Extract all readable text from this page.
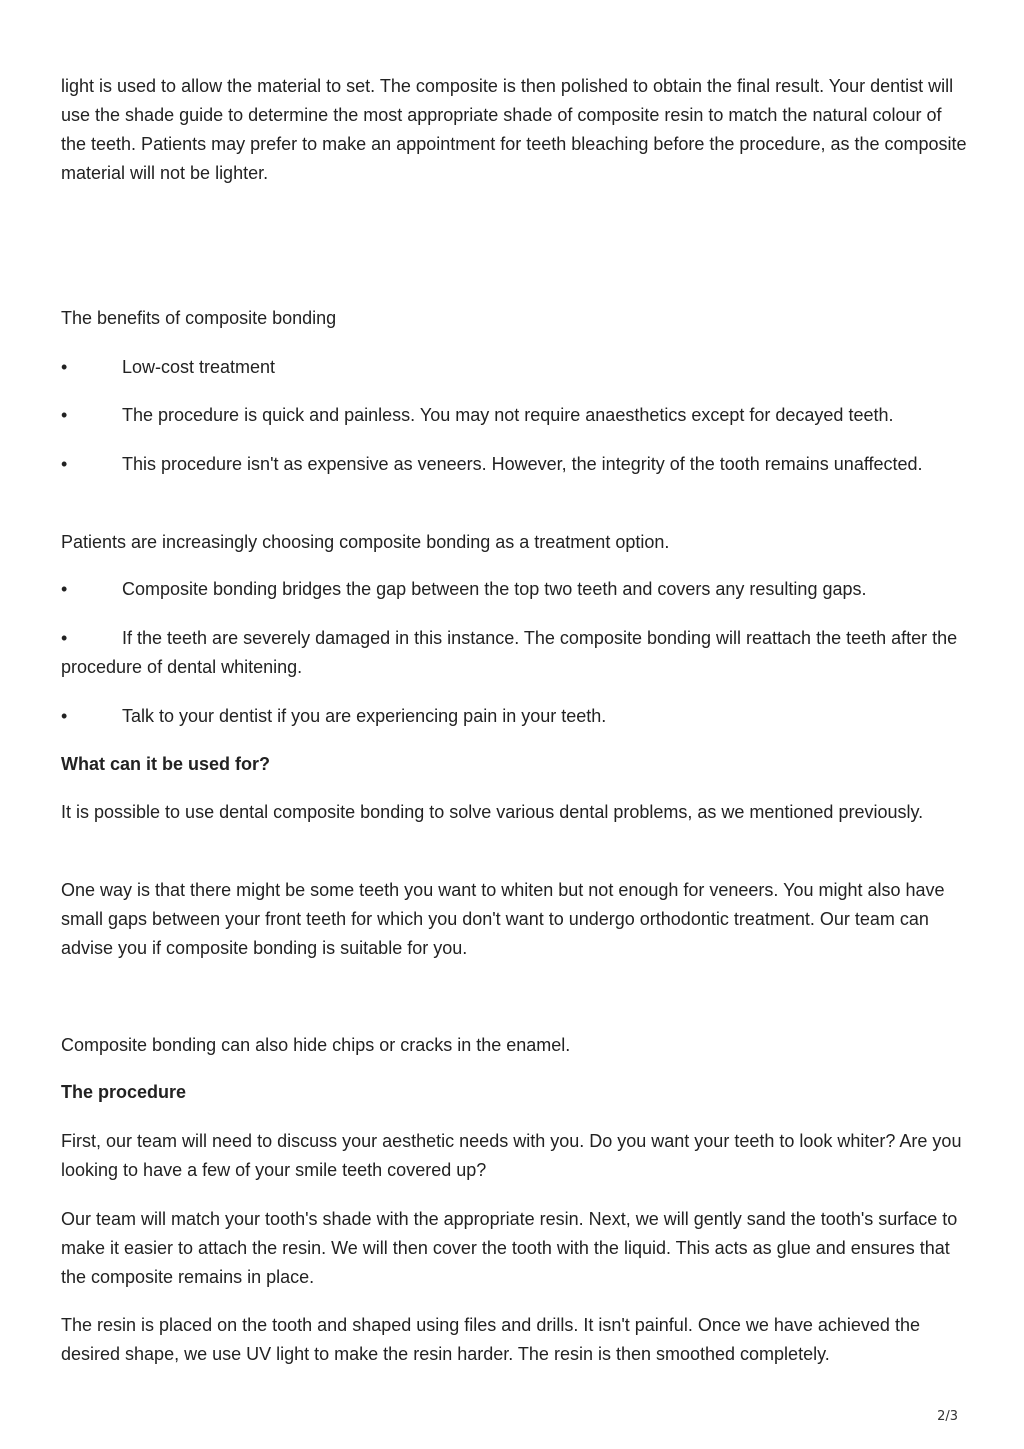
light is used to allow the material to set. The composite is then polished to obtain the final result. Your dentist will use the shade guide to determine the most appropriate shade of composite resin to match the natural colour of the teeth. Patients may prefer to make an appointment for teeth bleaching before the procedure, as the composite material will not be lighter.

The benefits of composite bonding

•	Low-cost treatment

•	The procedure is quick and painless. You may not require anaesthetics except for decayed teeth.

•	This procedure isn't as expensive as veneers. However, the integrity of the tooth remains unaffected.

Patients are increasingly choosing composite bonding as a treatment option.

•	Composite bonding bridges the gap between the top two teeth and covers any resulting gaps.

•	If the teeth are severely damaged in this instance. The composite bonding will reattach the teeth after the procedure of dental whitening.

•	Talk to your dentist if you are experiencing pain in your teeth.

What can it be used for?

It is possible to use dental composite bonding to solve various dental problems, as we mentioned previously.

One way is that there might be some teeth you want to whiten but not enough for veneers. You might also have small gaps between your front teeth for which you don't want to undergo orthodontic treatment. Our team can advise you if composite bonding is suitable for you.

Composite bonding can also hide chips or cracks in the enamel.

The procedure

First, our team will need to discuss your aesthetic needs with you. Do you want your teeth to look whiter? Are you looking to have a few of your smile teeth covered up?

Our team will match your tooth's shade with the appropriate resin. Next, we will gently sand the tooth's surface to make it easier to attach the resin. We will then cover the tooth with the liquid. This acts as glue and ensures that the composite remains in place.

The resin is placed on the tooth and shaped using files and drills. It isn't painful. Once we have achieved the desired shape, we use UV light to make the resin harder. The resin is then smoothed completely.

2/3
